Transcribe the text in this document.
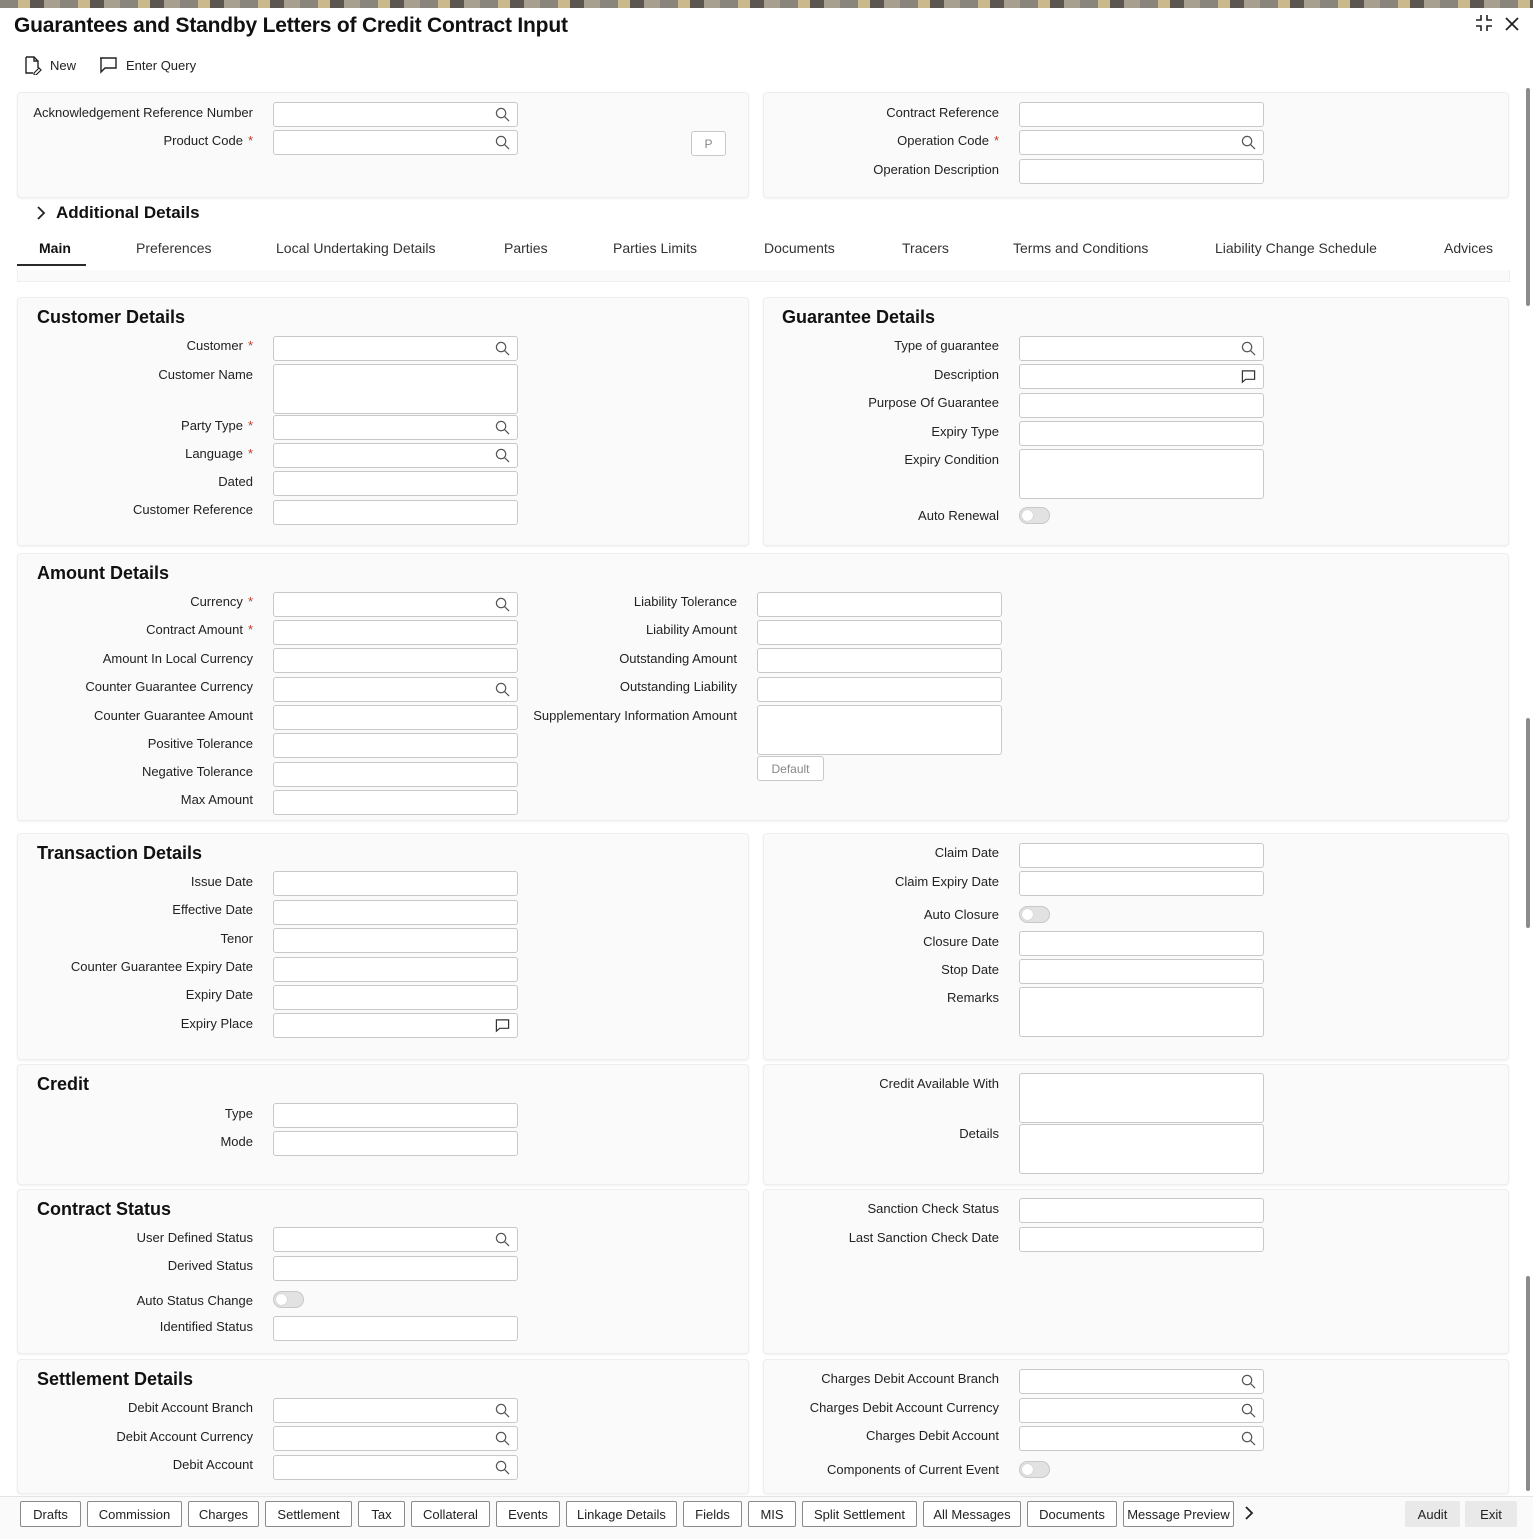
Guarantees and Standby Letters of Credit Contract Input
New	Enter Query
Acknowledgement Reference Number
Product Code *	P
Contract Reference
Operation Code *
Operation Description
Additional Details
Main	Preferences	Local Undertaking Details	Parties	Parties Limits	Documents	Tracers	Terms and Conditions	Liability Change Schedule	Advices
Customer Details
Customer *
Customer Name
Party Type *
Language *
Dated
Customer Reference
Guarantee Details
Type of guarantee
Description
Purpose Of Guarantee
Expiry Type
Expiry Condition
Auto Renewal
Amount Details
Currency *
Contract Amount *
Amount In Local Currency
Counter Guarantee Currency
Counter Guarantee Amount
Positive Tolerance
Negative Tolerance
Max Amount
Liability Tolerance
Liability Amount
Outstanding Amount
Outstanding Liability
Supplementary Information Amount
Default
Transaction Details
Issue Date
Effective Date
Tenor
Counter Guarantee Expiry Date
Expiry Date
Expiry Place
Claim Date
Claim Expiry Date
Auto Closure
Closure Date
Stop Date
Remarks
Credit
Type
Mode
Credit Available With
Details
Contract Status
User Defined Status
Derived Status
Auto Status Change
Identified Status
Sanction Check Status
Last Sanction Check Date
Settlement Details
Debit Account Branch
Debit Account Currency
Debit Account
Charges Debit Account Branch
Charges Debit Account Currency
Charges Debit Account
Components of Current Event
Drafts	Commission	Charges	Settlement	Tax	Collateral	Events	Linkage Details	Fields	MIS	Split Settlement	All Messages	Documents	Message Preview	Audit	Exit
